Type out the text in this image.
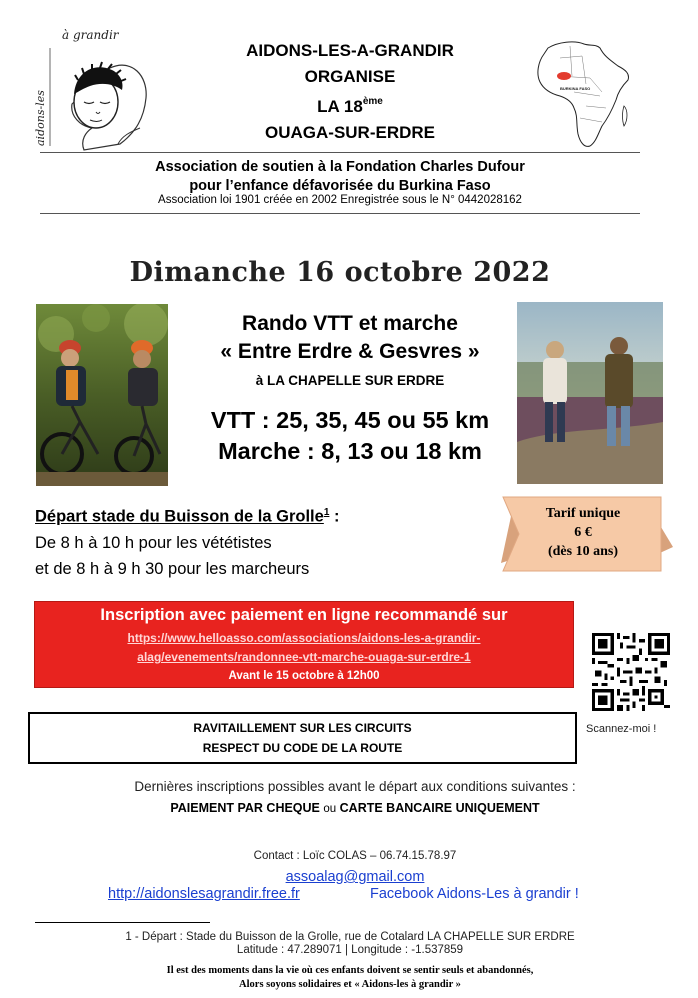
à grandir
aidons-les
AIDONS-LES-A-GRANDIR
ORGANISE
LA 18ème
OUAGA-SUR-ERDRE
BURKINA FASO
Association de soutien à la Fondation Charles Dufour
pour l’enfance défavorisée du Burkina Faso
Association loi 1901 créée en 2002 Enregistrée sous le N° 0442028162
Dimanche 16 octobre 2022
Rando VTT et marche
« Entre Erdre & Gesvres »
à LA CHAPELLE SUR ERDRE
VTT : 25, 35, 45 ou 55 km
Marche : 8, 13 ou 18 km
Départ stade du Buisson de la Grolle$^1$ :
De 8 h à 10 h pour les vététistes
et de 8 h à 9 h 30 pour les marcheurs
Tarif unique
6 €
(dès 10 ans)
Inscription avec paiement en ligne recommandé sur
https://www.helloasso.com/associations/aidons-les-a-grandir-
alag/evenements/randonnee-vtt-marche-ouaga-sur-erdre-1
Avant le 15 octobre à 12h00
Scannez-moi !
RAVITAILLEMENT SUR LES CIRCUITS
RESPECT DU CODE DE LA ROUTE
Dernières inscriptions possibles avant le départ aux conditions suivantes :
PAIEMENT PAR CHEQUE ou CARTE BANCAIRE UNIQUEMENT
Contact : Loïc COLAS – 06.74.15.78.97
assoalag@gmail.com
http://aidonslesagrandir.free.fr	Facebook Aidons-Les à grandir !
1 - Départ : Stade du Buisson de la Grolle, rue de Cotalard LA CHAPELLE SUR ERDRE
Latitude : 47.289071 | Longitude : -1.537859
Il est des moments dans la vie où ces enfants doivent se sentir seuls et abandonnés,
Alors soyons solidaires et « Aidons-les à grandir »
